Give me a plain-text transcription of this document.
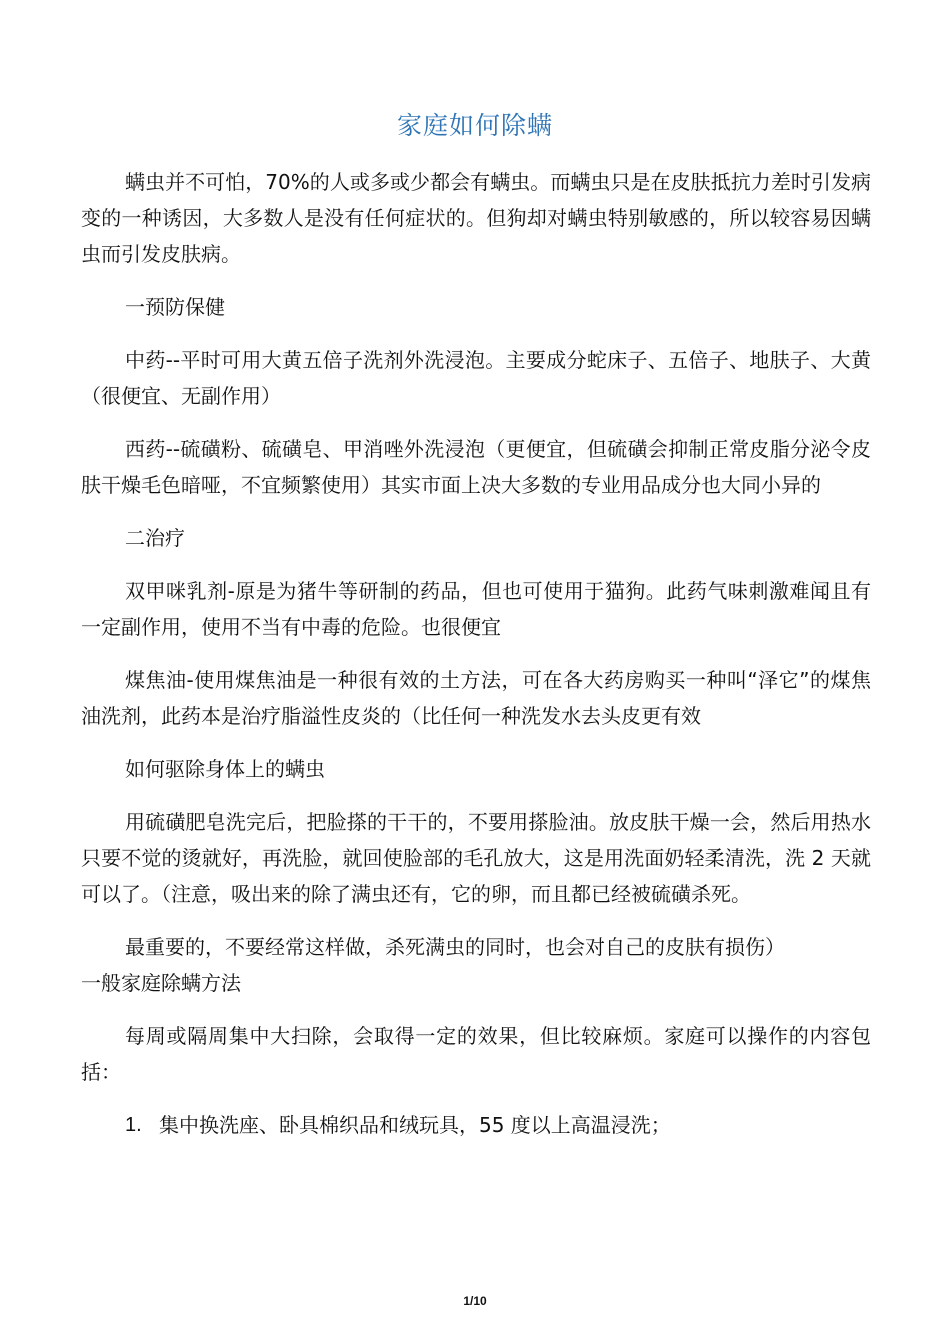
家庭如何除螨

螨虫并不可怕，70%的人或多或少都会有螨虫。而螨虫只是在皮肤抵抗力差时引发病变的一种诱因，大多数人是没有任何症状的。但狗却对螨虫特别敏感的，所以较容易因螨虫而引发皮肤病。

一预防保健

中药--平时可用大黄五倍子洗剂外洗浸泡。主要成分蛇床子、五倍子、地肤子、大黄（很便宜、无副作用）

西药--硫磺粉、硫磺皂、甲消唑外洗浸泡（更便宜，但硫磺会抑制正常皮脂分泌令皮肤干燥毛色暗哑，不宜频繁使用）其实市面上决大多数的专业用品成分也大同小异的

二治疗

双甲咪乳剂-原是为猪牛等研制的药品，但也可使用于猫狗。此药气味刺激难闻且有一定副作用，使用不当有中毒的危险。也很便宜

煤焦油-使用煤焦油是一种很有效的土方法，可在各大药房购买一种叫“泽它”的煤焦油洗剂，此药本是治疗脂溢性皮炎的（比任何一种洗发水去头皮更有效

如何驱除身体上的螨虫

用硫磺肥皂洗完后，把脸搽的干干的，不要用搽脸油。放皮肤干燥一会，然后用热水只要不觉的烫就好，再洗脸，就回使脸部的毛孔放大，这是用洗面奶轻柔清洗，洗 2 天就可以了。（注意，吸出来的除了满虫还有，它的卵，而且都已经被硫磺杀死。

最重要的，不要经常这样做，杀死满虫的同时，也会对自己的皮肤有损伤）

一般家庭除螨方法

每周或隔周集中大扫除，会取得一定的效果，但比较麻烦。家庭可以操作的内容包括：

1. 集中换洗座、卧具棉织品和绒玩具，55 度以上高温浸洗；
1/10
